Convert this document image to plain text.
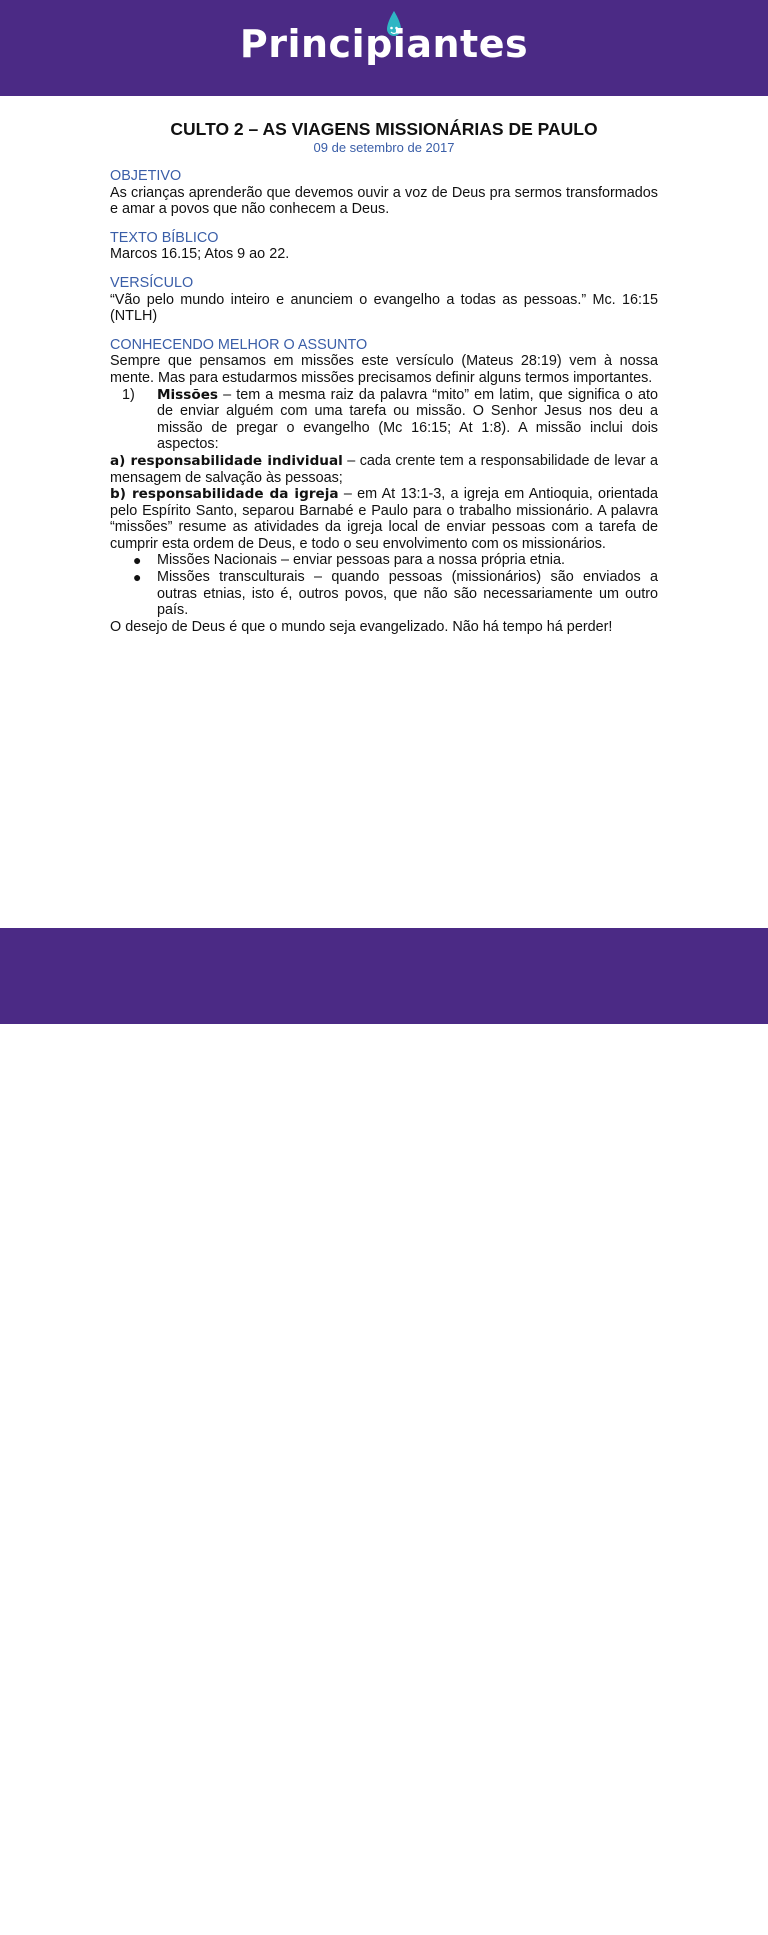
Principiantes
CULTO 2 – AS VIAGENS MISSIONÁRIAS DE PAULO
09 de setembro de 2017

OBJETIVO

As crianças aprenderão que devemos ouvir a voz de Deus pra sermos transformados e amar a povos que não conhecem a Deus.

TEXTO BÍBLICO

Marcos 16.15; Atos 9 ao 22.

VERSÍCULO

“Vão pelo mundo inteiro e anunciem o evangelho a todas as pessoas.” Mc. 16:15 (NTLH)

CONHECENDO MELHOR O ASSUNTO

Sempre que pensamos em missões este versículo (Mateus 28:19) vem à nossa mente. Mas para estudarmos missões precisamos definir alguns termos importantes.

1) Missões – tem a mesma raiz da palavra “mito” em latim, que significa o ato de enviar alguém com uma tarefa ou missão. O Senhor Jesus nos deu a missão de pregar o evangelho (Mc 16:15; At 1:8). A missão inclui dois aspectos:

a) responsabilidade individual – cada crente tem a responsabilidade de levar a mensagem de salvação às pessoas;

b) responsabilidade da igreja – em At 13:1-3, a igreja em Antioquia, orientada pelo Espírito Santo, separou Barnabé e Paulo para o trabalho missionário. A palavra “missões” resume as atividades da igreja local de enviar pessoas com a tarefa de cumprir esta ordem de Deus, e todo o seu envolvimento com os missionários.

● Missões Nacionais – enviar pessoas para a nossa própria etnia.

● Missões transculturais – quando pessoas (missionários) são enviados a outras etnias, isto é, outros povos, que não são necessariamente um outro país.

O desejo de Deus é que o mundo seja evangelizado. Não há tempo há perder!

MINISTÉRIO
infantil
TURMA DE
PRIMEIRA	Primeira Igreja
Batista de Curitiba
